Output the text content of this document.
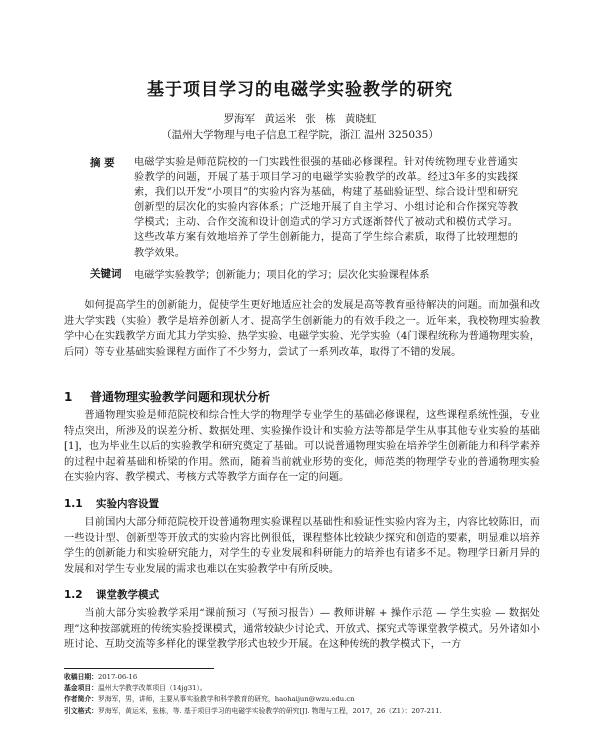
基于项目学习的电磁学实验教学的研究
罗海军 黄运米 张 栋 黄晓虹
（温州大学物理与电子信息工程学院，浙江 温州 325035）
摘 要 电磁学实验是师范院校的一门实践性很强的基础必修课程。针对传统物理专业普通实验教学的问题，开展了基于项目学习的电磁学实验教学的改革。经过3年多的实践探索，我们以开发“小项目”的实验内容为基础，构建了基础验证型、综合设计型和研究创新型的层次化的实验内容体系；广泛地开展了自主学习、小组讨论和合作探究等教学模式；主动、合作交流和设计创造式的学习方式逐渐替代了被动式和模仿式学习。这些改革方案有效地培养了学生创新能力，提高了学生综合素质，取得了比较理想的教学效果。
关键词 电磁学实验教学；创新能力；项目化的学习；层次化实验课程体系
如何提高学生的创新能力，促使学生更好地适应社会的发展是高等教育亟待解决的问题。而加强和改进大学实践（实验）教学是培养创新人才、提高学生创新能力的有效手段之一。近年来，我校物理实验教学中心在实践教学方面尤其力学实验、热学实验、电磁学实验、光学实验（4门课程统称为普通物理实验，后同）等专业基础实验课程方面作了不少努力，尝试了一系列改革，取得了不错的发展。
1 普通物理实验教学问题和现状分析
普通物理实验是师范院校和综合性大学的物理学专业学生的基础必修课程，这些课程系统性强，专业特点突出，所涉及的误差分析、数据处理、实验操作设计和实验方法等都是学生从事其他专业实验的基础[1]，也为毕业生以后的实验教学和研究奠定了基础。可以说普通物理实验在培养学生创新能力和科学素养的过程中起着基础和桥梁的作用。然而，随着当前就业形势的变化，师范类的物理学专业的普通物理实验在实验内容、教学模式、考核方式等教学方面存在一定的问题。
1.1 实验内容设置
目前国内大部分师范院校开设普通物理实验课程以基础性和验证性实验内容为主，内容比较陈旧，而一些设计型、创新型等开放式的实验内容比例很低，课程整体比较缺少探究和创造的要素，明显难以培养学生的创新能力和实验研究能力，对学生的专业发展和科研能力的培养也有诸多不足。物理学日新月异的发展和对学生专业发展的需求也难以在实验教学中有所反映。
1.2 课堂教学模式
当前大部分实验教学采用“课前预习（写预习报告）— 教师讲解 + 操作示范 — 学生实验 — 数据处理”这种按部就班的传统实验授课模式，通常较缺少讨论式、开放式、探究式等课堂教学模式。另外诸如小班讨论、互助交流等多样化的课堂教学形式也较少开展。在这种传统的教学模式下，一方
收稿日期：2017-06-16
基金项目：温州大学教学改革项目（14jg31）。
作者简介：罗海军，男，讲师，主要从事实验教学和科学教育的研究，haohaijun@wzu.edu.cn
引文格式：罗海军，黄运米，张栋，等. 基于项目学习的电磁学实验教学的研究[J]. 物理与工程，2017，26（Z1）：207-211.
